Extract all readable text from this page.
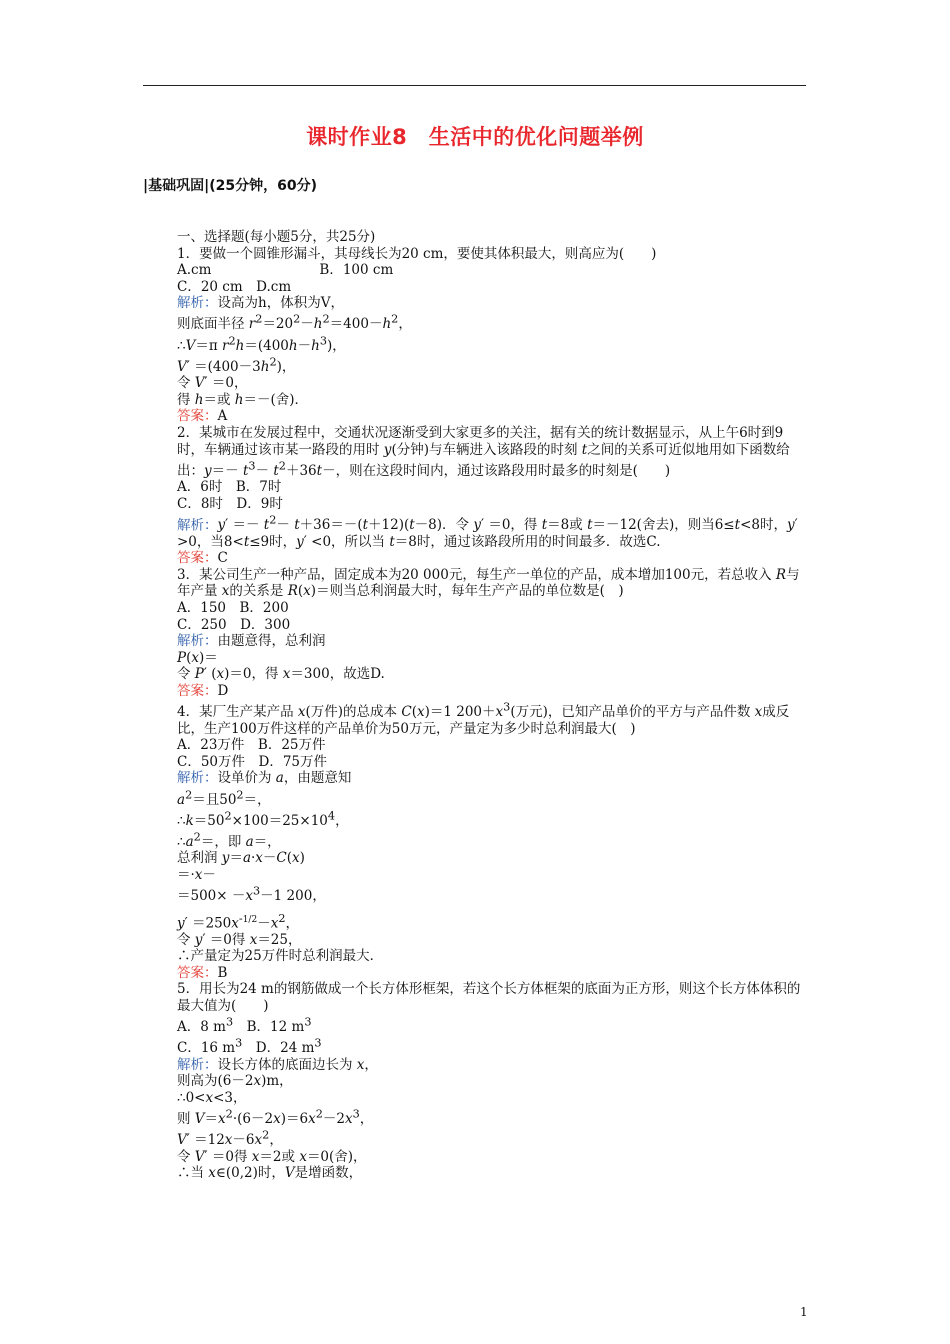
课时作业8　生活中的优化问题举例
|基础巩固|(25分钟，60分)
一、选择题(每小题5分，共25分)
1．要做一个圆锥形漏斗，其母线长为20 cm，要使其体积最大，则高应为(　　)
A.cm　　　　　　　　B．100 cm
C．20 cm　D.cm
解析：设高为h，体积为V，
则底面半径 $r^2=20^2-h^2=400-h^2$，
∴V＝π $r^2h=(400h-h^3)$，
$V' =(400-3h^2)$，
令 V′ ＝0，
得 h＝或 h＝－(舍)．
答案：A
2．某城市在发展过程中，交通状况逐渐受到大家更多的关注，据有关的统计数据显示，从上午6时到9时，车辆通过该市某一路段的用时 y(分钟)与车辆进入该路段的时刻 t之间的关系可近似地用如下函数给出：$y=- t^3- t^2+36t-$，则在这段时间内，通过该路段用时最多的时刻是(　　)
A．6时　B．7时
C．8时　D．9时
解析：$y' =- t^2- t+36=-(t+12)(t-8)$．令 y′ ＝0，得 t＝8或 t＝－12(舍去)，则当6≤t<8时，y′ >0，当8<t≤9时，y′ <0，所以当 t＝8时，通过该路段所用的时间最多．故选C.
答案：C
3．某公司生产一种产品，固定成本为20 000元，每生产一单位的产品，成本增加100元，若总收入 R与年产量 x的关系是 R(x)＝则当总利润最大时，每年生产产品的单位数是(　)
A．150　B．200
C．250　D．300
解析：由题意得，总利润
P(x)＝
令 P′ (x)＝0，得 x＝300，故选D.
答案：D
4．某厂生产某产品 x(万件)的总成本 C(x)＝1 $200+x^3$(万元)，已知产品单价的平方与产品件数 x成反比，生产100万件这样的产品单价为50万元，产量定为多少时总利润最大(　)
A．23万件　B．25万件
C．50万件　D．75万件
解析：设单价为 a，由题意知
$a^2=$且$50^2=$，
$\therefore k=50^2\times 100=25\times 10^4$，
$\therefore a^2=$，即 a＝，
总利润 y＝a·x－C(x)
＝·x－
$=500\times -x^3-1$ 200，
$y' =250x^{-1/2}-x^2$，
令 y′ ＝0得 x＝25，
∴产量定为25万件时总利润最大．
答案：B
5．用长为24 m的钢筋做成一个长方体形框架，若这个长方体框架的底面为正方形，则这个长方体体积的最大值为(　　)
A．8 $m^3$　B．12 $m^3$
C．16 $m^3$　D．24 $m^3$
解析：设长方体的底面边长为 x，
则高为(6－2x)m，
∴0<x<3，
则 $V=x^2\cdot(6-2x)=6x^2-2x^3$，
$V' =12x-6x^2$，
令 V′ ＝0得 x＝2或 x＝0(舍)，
∴当 x∈(0,2)时，V是增函数，
1
